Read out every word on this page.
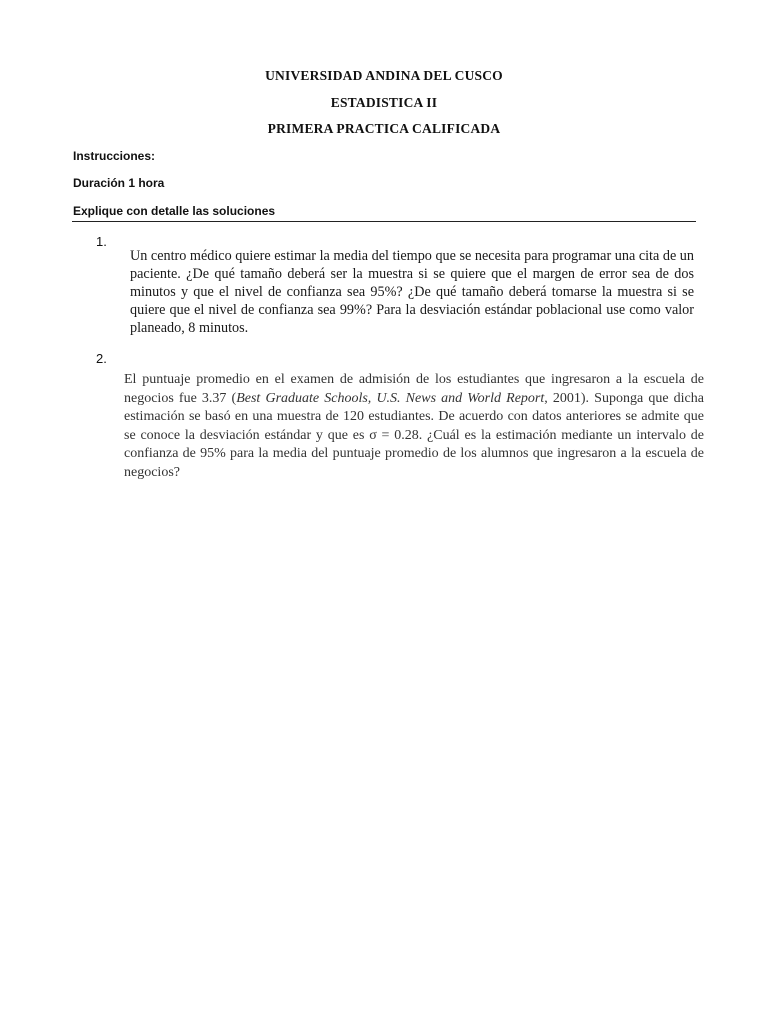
UNIVERSIDAD ANDINA DEL CUSCO
ESTADISTICA II
PRIMERA PRACTICA CALIFICADA
Instrucciones:
Duración 1 hora
Explique con detalle las soluciones
1.
Un centro médico quiere estimar la media del tiempo que se necesita para programar una cita de un paciente. ¿De qué tamaño deberá ser la muestra si se quiere que el margen de error sea de dos minutos y que el nivel de confianza sea 95%? ¿De qué tamaño deberá tomarse la muestra si se quiere que el nivel de confianza sea 99%? Para la desviación estándar poblacional use como valor planeado, 8 minutos.
2.
El puntuaje promedio en el examen de admisión de los estudiantes que ingresaron a la escuela de negocios fue 3.37 (Best Graduate Schools, U.S. News and World Report, 2001). Suponga que dicha estimación se basó en una muestra de 120 estudiantes. De acuerdo con datos anteriores se admite que se conoce la desviación estándar y que es σ = 0.28. ¿Cuál es la estimación mediante un intervalo de confianza de 95% para la media del puntuaje promedio de los alumnos que ingresaron a la escuela de negocios?
